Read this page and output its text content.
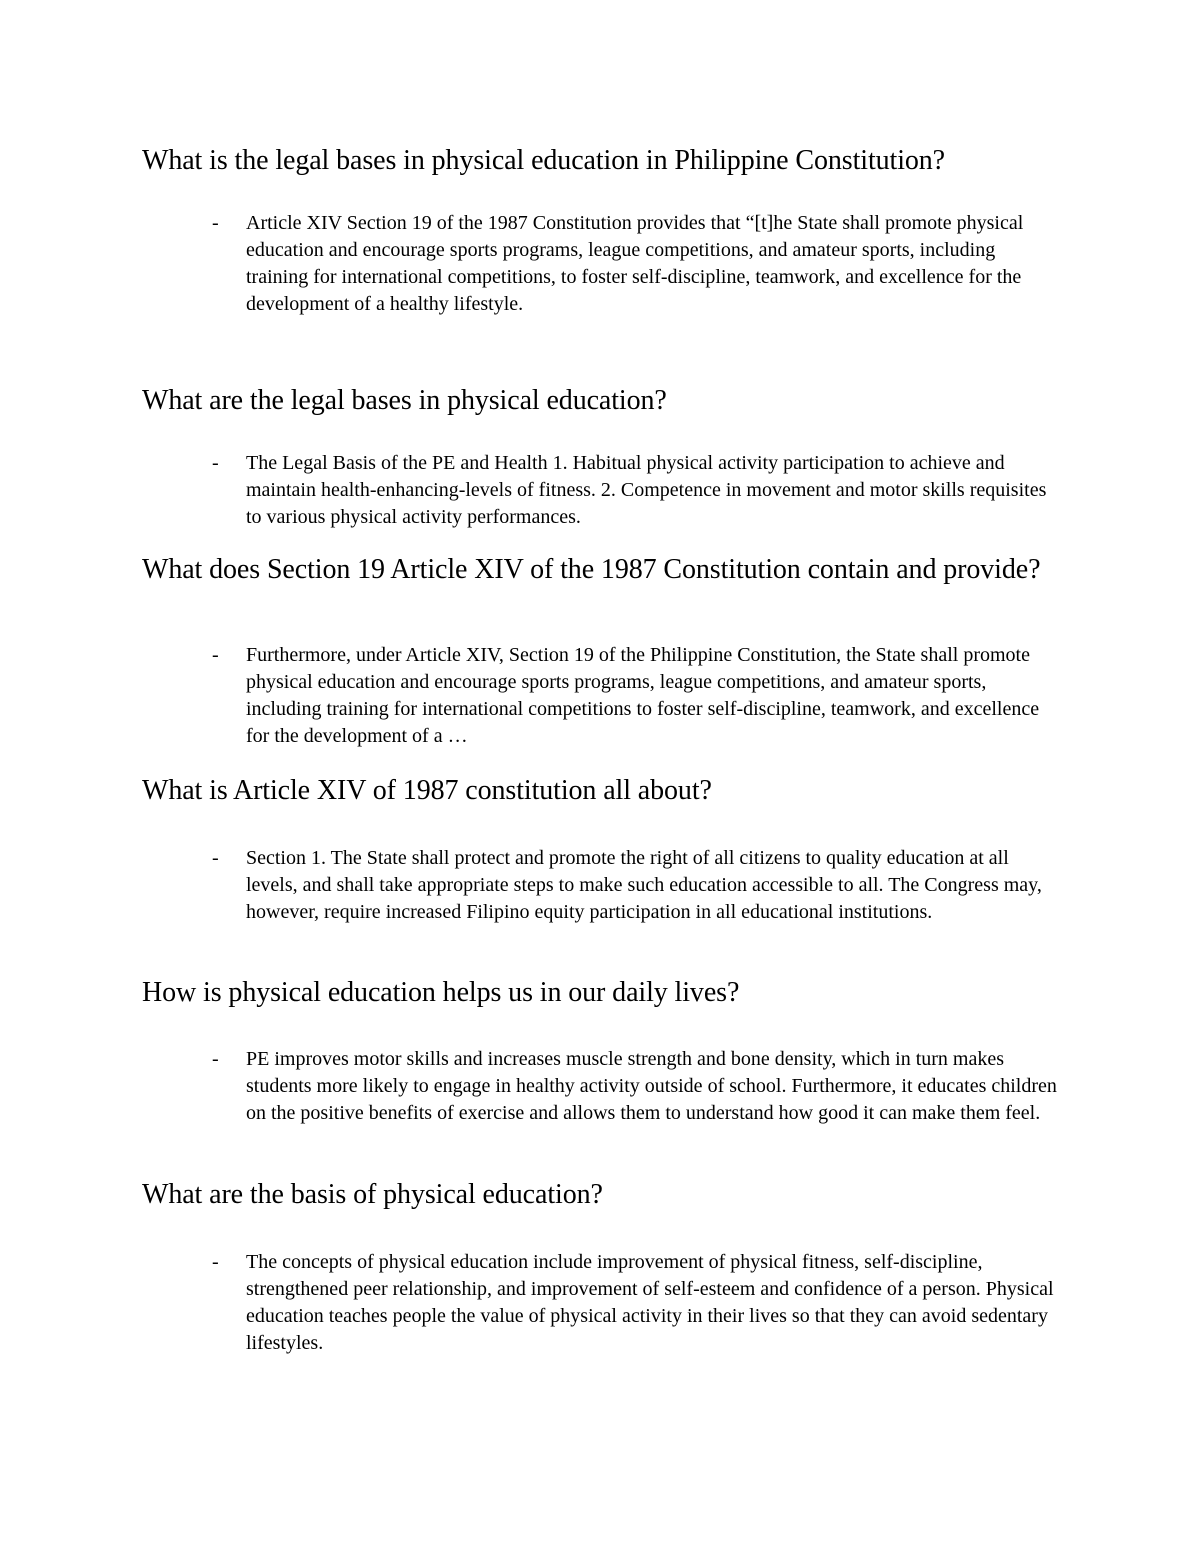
What is the legal bases in physical education in Philippine Constitution?
-	Article XIV Section 19 of the 1987 Constitution provides that “[t]he State shall promote physical education and encourage sports programs, league competitions, and amateur sports, including training for international competitions, to foster self-discipline, teamwork, and excellence for the development of a healthy lifestyle.
What are the legal bases in physical education?
-	The Legal Basis of the PE and Health 1. Habitual physical activity participation to achieve and maintain health-enhancing-levels of fitness. 2. Competence in movement and motor skills requisites to various physical activity performances.
What does Section 19 Article XIV of the 1987 Constitution contain and provide?
-	Furthermore, under Article XIV, Section 19 of the Philippine Constitution, the State shall promote physical education and encourage sports programs, league competitions, and amateur sports, including training for international competitions to foster self-discipline, teamwork, and excellence for the development of a …
What is Article XIV of 1987 constitution all about?
-	Section 1. The State shall protect and promote the right of all citizens to quality education at all levels, and shall take appropriate steps to make such education accessible to all. The Congress may, however, require increased Filipino equity participation in all educational institutions.
How is physical education helps us in our daily lives?
-	PE improves motor skills and increases muscle strength and bone density, which in turn makes students more likely to engage in healthy activity outside of school. Furthermore, it educates children on the positive benefits of exercise and allows them to understand how good it can make them feel.
What are the basis of physical education?
-	The concepts of physical education include improvement of physical fitness, self-discipline, strengthened peer relationship, and improvement of self-esteem and confidence of a person. Physical education teaches people the value of physical activity in their lives so that they can avoid sedentary lifestyles.
